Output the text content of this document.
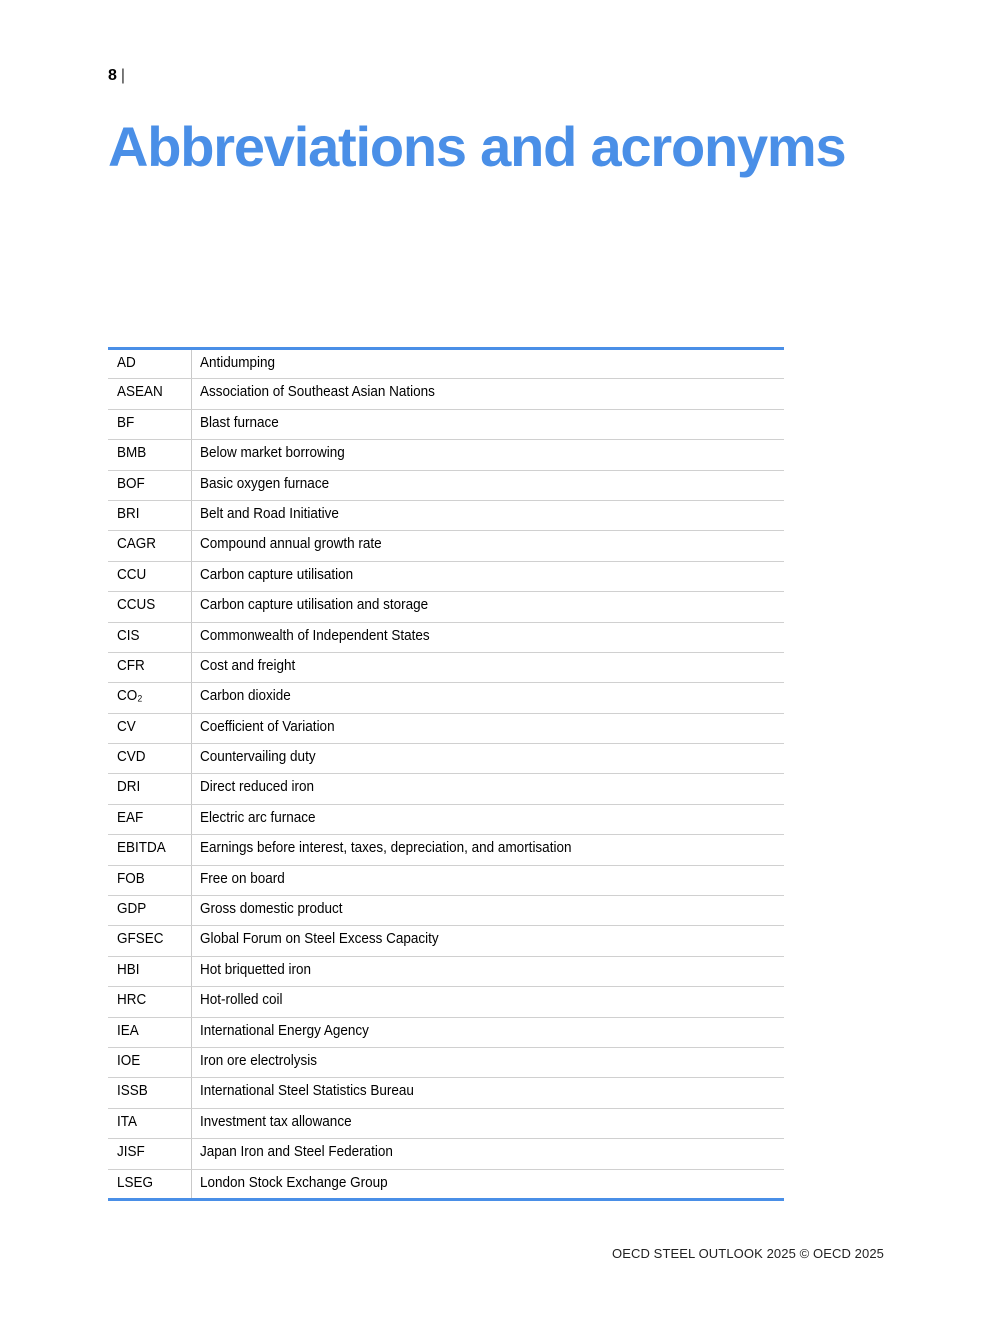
8 |
Abbreviations and acronyms
AD	Antidumping
ASEAN	Association of Southeast Asian Nations
BF	Blast furnace
BMB	Below market borrowing
BOF	Basic oxygen furnace
BRI	Belt and Road Initiative
CAGR	Compound annual growth rate
CCU	Carbon capture utilisation
CCUS	Carbon capture utilisation and storage
CIS	Commonwealth of Independent States
CFR	Cost and freight
CO₂	Carbon dioxide
CV	Coefficient of Variation
CVD	Countervailing duty
DRI	Direct reduced iron
EAF	Electric arc furnace
EBITDA	Earnings before interest, taxes, depreciation, and amortisation
FOB	Free on board
GDP	Gross domestic product
GFSEC	Global Forum on Steel Excess Capacity
HBI	Hot briquetted iron
HRC	Hot-rolled coil
IEA	International Energy Agency
IOE	Iron ore electrolysis
ISSB	International Steel Statistics Bureau
ITA	Investment tax allowance
JISF	Japan Iron and Steel Federation
LSEG	London Stock Exchange Group
OECD STEEL OUTLOOK 2025 © OECD 2025
